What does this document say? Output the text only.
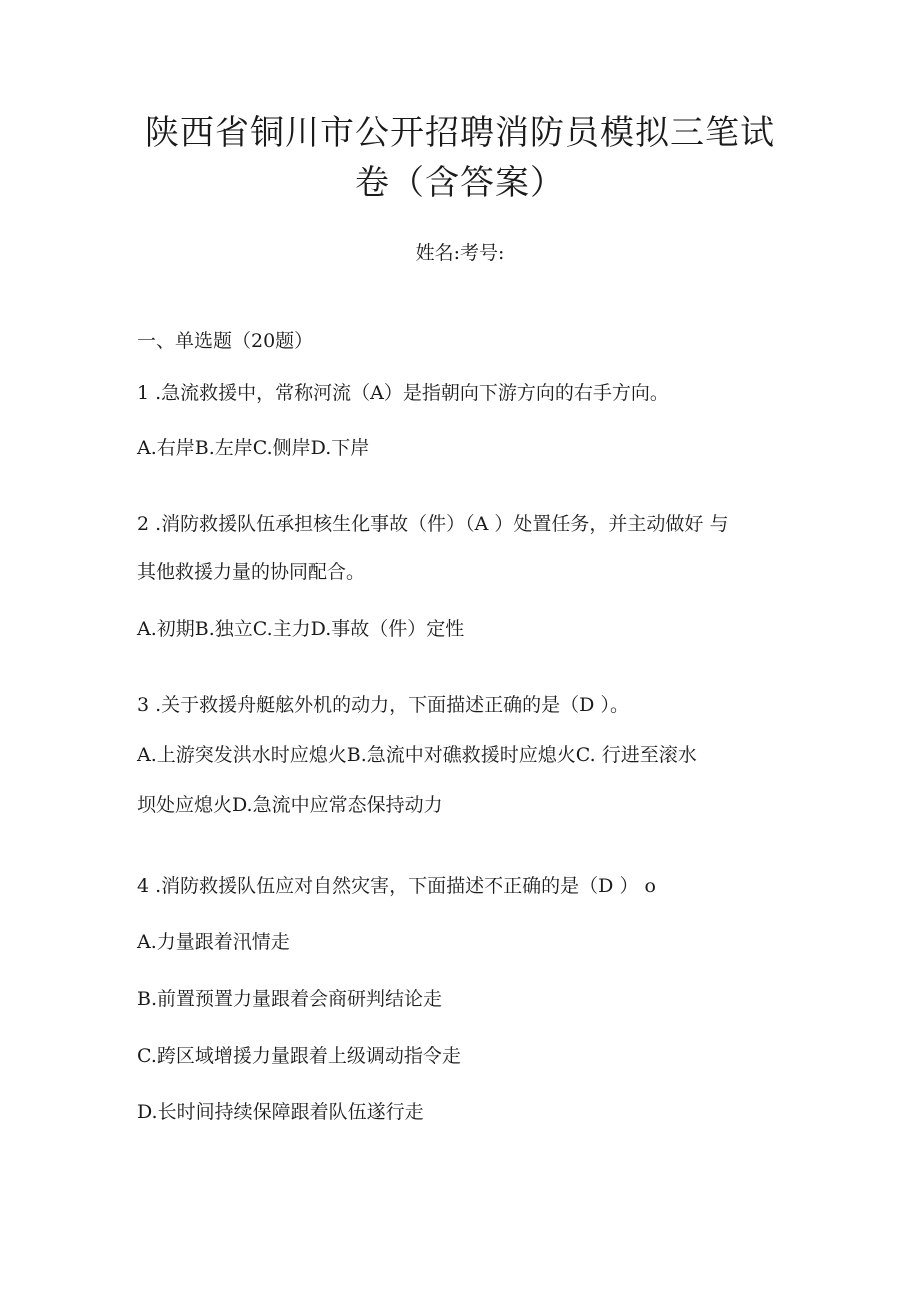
陕西省铜川市公开招聘消防员模拟三笔试
卷（含答案）
姓名:考号:
一、单选题（20题）
1 .急流救援中，常称河流（A）是指朝向下游方向的右手方向。
A.右岸B.左岸C.侧岸D.下岸
2 .消防救援队伍承担核生化事故（件）（A ）处置任务，并主动做好 与
其他救援力量的协同配合。
A.初期B.独立C.主力D.事故（件）定性
3 .关于救援舟艇舷外机的动力，下面描述正确的是（D ）。
A.上游突发洪水时应熄火B.急流中对礁救援时应熄火C. 行进至滚水
坝处应熄火D.急流中应常态保持动力
4 .消防救援队伍应对自然灾害，下面描述不正确的是（D ） o
A.力量跟着汛情走
B.前置预置力量跟着会商研判结论走
C.跨区域增援力量跟着上级调动指令走
D.长时间持续保障跟着队伍遂行走
